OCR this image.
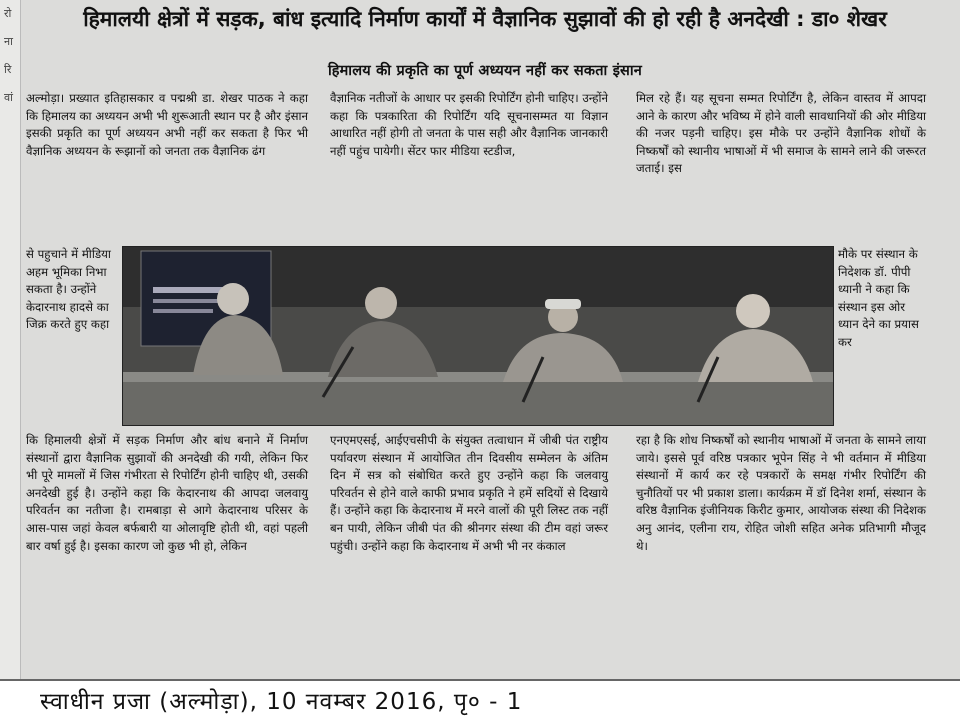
रो
ना
रि
वां
हिमालयी क्षेत्रों में सड़क, बांध इत्यादि निर्माण कार्यों में वैज्ञानिक सुझावों की हो रही है अनदेखी : डा० शेखर
हिमालय की प्रकृति का पूर्ण अध्ययन नहीं कर सकता इंसान

अल्मोड़ा। प्रख्यात इतिहासकार व पद्मश्री डा. शेखर पाठक ने कहा कि हिमालय का अध्ययन अभी भी शुरूआती स्थान पर है और इंसान इसकी प्रकृति का पूर्ण अध्ययन अभी नहीं कर सकता है फिर भी वैज्ञानिक अध्ययन के रूझानों को जनता तक वैज्ञानिक ढंग

से पहुचाने में मीडिया अहम भूमिका निभा सकता है। उन्होंने केदारनाथ हादसे का जिक्र करते हुए कहा

कि हिमालयी क्षेत्रों में सड़क निर्माण और बांध बनाने में निर्माण संस्थानों द्वारा वैज्ञानिक सुझावों की अनदेखी की गयी, लेकिन फिर भी पूरे मामलों में जिस गंभीरता से रिपोर्टिंग होनी चाहिए थी, उसकी अनदेखी हुई है। उन्होंने कहा कि केदारनाथ की आपदा जलवायु परिवर्तन का नतीजा है। रामबाड़ा से आगे केदारनाथ परिसर के आस-पास जहां केवल बर्फबारी या ओलावृष्टि होती थी, वहां पहली बार वर्षा हुई है। इसका कारण जो कुछ भी हो, लेकिन

वैज्ञानिक नतीजों के आधार पर इसकी रिपोर्टिंग होनी चाहिए। उन्होंने कहा कि पत्रकारिता की रिपोर्टिंग यदि सूचनासम्मत या विज्ञान आधारित नहीं होगी तो जनता के पास सही और वैज्ञानिक जानकारी नहीं पहुंच पायेगी। सेंटर फार मीडिया स्टडीज,

एनएमएसई, आईएचसीपी के संयुक्त तत्वाधान में जीबी पंत राष्ट्रीय पर्यावरण संस्थान में आयोजित तीन दिवसीय सम्मेलन के अंतिम दिन में सत्र को संबोधित करते हुए उन्होंने कहा कि जलवायु परिवर्तन से होने वाले काफी प्रभाव प्रकृति ने हमें सदियों से दिखाये हैं। उन्होंने कहा कि केदारनाथ में मरने वालों की पूरी लिस्ट तक नहीं बन पायी, लेकिन जीबी पंत की श्रीनगर संस्था की टीम वहां जरूर पहुंची। उन्होंने कहा कि केदारनाथ में अभी भी नर कंकाल

मिल रहे हैं। यह सूचना सम्मत रिपोर्टिंग है, लेकिन वास्तव में आपदा आने के कारण और भविष्य में होने वाली सावधानियों की ओर मीडिया की नजर पड़नी चाहिए। इस मौके पर उन्होंने वैज्ञानिक शोधों के निष्कर्षों को स्थानीय भाषाओं में भी समाज के सामने लाने की जरूरत जताई। इस

मौके पर संस्थान के निदेशक डॉ. पीपी ध्यानी ने कहा कि संस्थान इस ओर ध्यान देने का प्रयास कर

रहा है कि शोध निष्कर्षों को स्थानीय भाषाओं में जनता के सामने लाया जाये। इससे पूर्व वरिष्ठ पत्रकार भूपेन सिंह ने भी वर्तमान में मीडिया संस्थानों में कार्य कर रहे पत्रकारों के समक्ष गंभीर रिपोर्टिंग की चुनौतियों पर भी प्रकाश डाला। कार्यक्रम में डॉ दिनेश शर्मा, संस्थान के वरिष्ठ वैज्ञानिक इंजीनियक किरीट कुमार, आयोजक संस्था की निदेशक अनु आनंद, एलीना राय, रोहित जोशी सहित अनेक प्रतिभागी मौजूद थे।

स्वाधीन प्रजा (अल्मोड़ा), 10 नवम्बर 2016, पृ० - 1
